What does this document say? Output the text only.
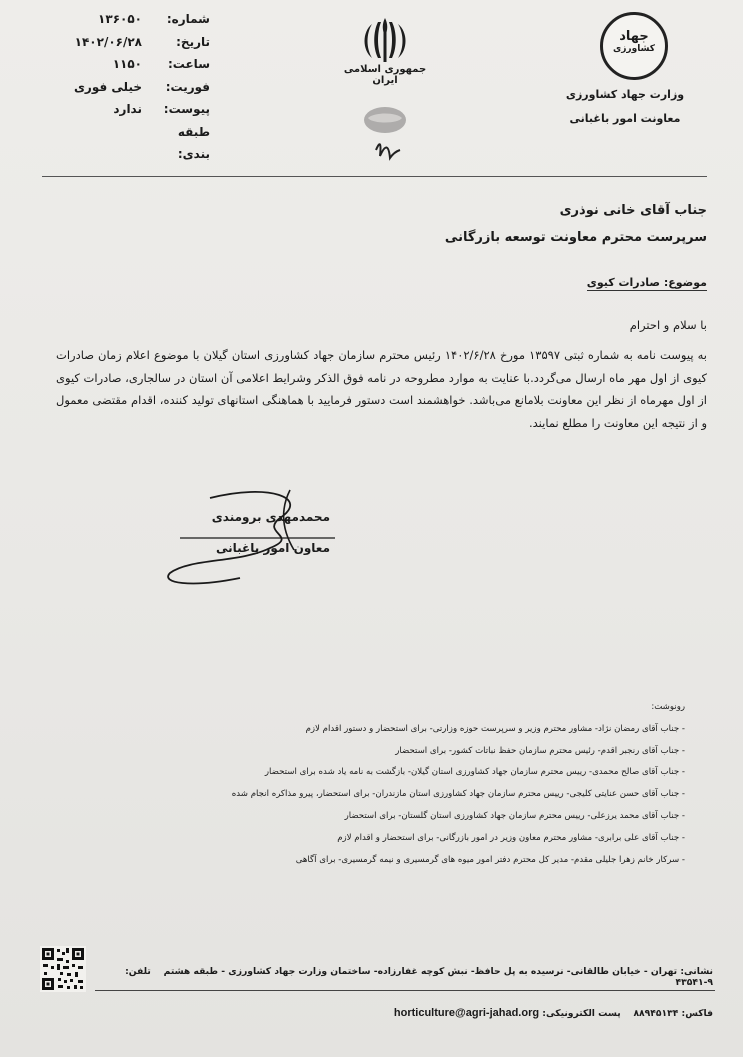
شماره:
۱۳۶۰۵۰
تاریخ:
۱۴۰۲/۰۶/۲۸
ساعت:
۱۱۵۰
فوریت:
خیلی فوری
پیوست:
ندارد
طبقه بندی:
جمهوری اسلامی ایران
جهاد
کشاورزی
وزارت جهاد کشاورزی
معاونت امور باغبانی
جناب آقای خانی نوذری
سرپرست محترم معاونت توسعه بازرگانی
موضوع: صادرات کیوی
با سلام و احترام
به پیوست نامه به شماره ثبتی ۱۳۵۹۷ مورخ ۱۴۰۲/۶/۲۸ رئیس محترم سازمان جهاد کشاورزی استان گیلان با موضوع اعلام زمان صادرات کیوی از اول مهر ماه ارسال می‌گردد.با عنایت به موارد مطروحه در نامه فوق الذکر وشرایط اعلامی آن استان در سالجاری، صادرات کیوی از اول مهرماه از نظر این معاونت بلامانع می‌باشد. خواهشمند است دستور فرمایید با هماهنگی استانهای تولید کننده، اقدام مقتضی معمول و از نتیجه این معاونت را مطلع نمایند.
محمدمهدی برومندی
معاون امور باغبانی
رونوشت:
- جناب آقای رمضان نژاد- مشاور محترم وزیر و سرپرست حوزه وزارتی- برای استحضار و دستور اقدام لازم
- جناب آقای رنجبر اقدم- رئیس محترم سازمان حفظ نباتات کشور- برای استحضار
- جناب آقای صالح محمدی- رییس محترم سازمان جهاد کشاورزی استان گیلان- بازگشت به نامه یاد شده برای استحضار
- جناب آقای حسن عنایتی کلیجی- رییس محترم سازمان جهاد کشاورزی استان مازندران- برای استحضار، پیرو مذاکره انجام شده
- جناب آقای محمد یرزعلی- رییس محترم سازمان جهاد کشاورزی استان گلستان- برای استحضار
- جناب آقای علی برابری- مشاور محترم معاون وزیر در امور بازرگانی- برای استحضار و اقدام لازم
- سرکار خانم زهرا جلیلی مقدم- مدیر کل محترم دفتر امور میوه های گرمسیری و نیمه گرمسیری- برای آگاهی
نشانی: تهران - خیابان طالقانی- نرسیده به پل حافظ- نبش کوچه غفارزاده- ساختمان وزارت جهاد کشاورزی - طبقه هشتم    تلفن: ۹-۴۳۵۴۱
فاکس: ۸۸۹۴۵۱۳۴    پست الکترونیکی: horticulture@agri-jahad.org
